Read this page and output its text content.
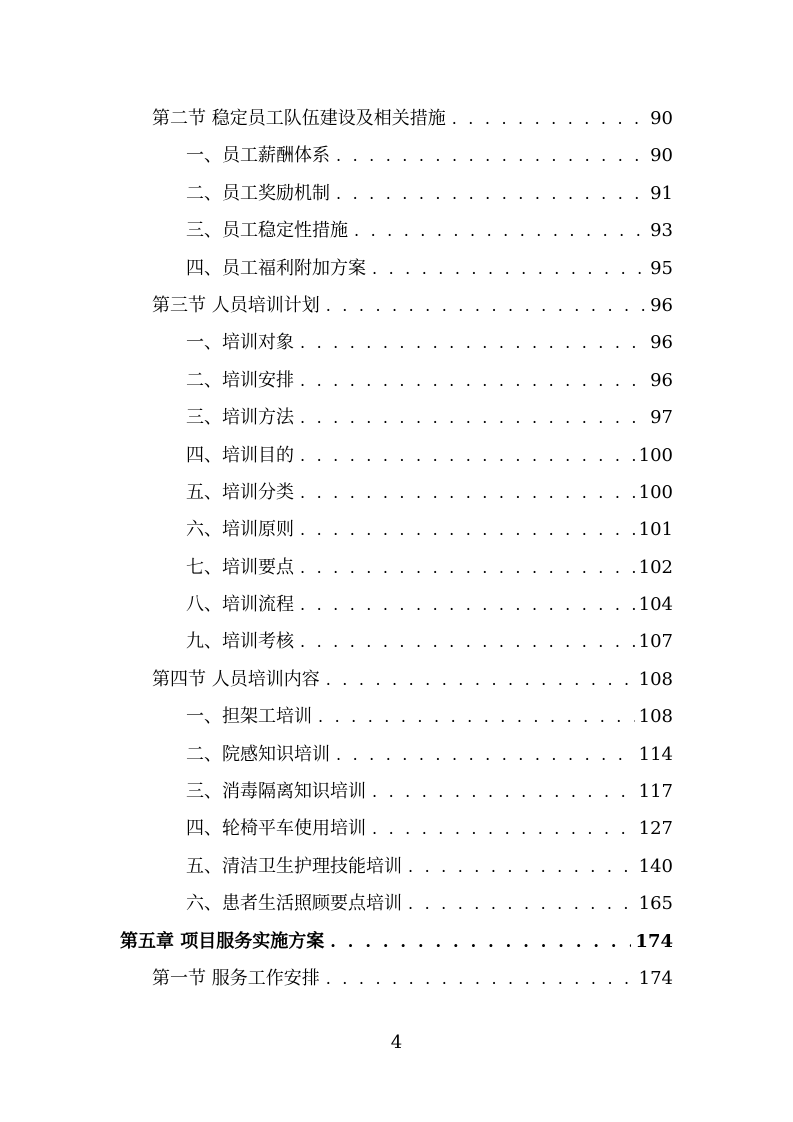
第二节 稳定员工队伍建设及相关措施 . . .	90
一、员工薪酬体系 . . .	90
二、员工奖励机制 . . .	91
三、员工稳定性措施 . . .	93
四、员工福利附加方案 . . .	95
第三节 人员培训计划 . . .	96
一、培训对象 . . .	96
二、培训安排 . . .	96
三、培训方法 . . .	97
四、培训目的 . . .	100
五、培训分类 . . .	100
六、培训原则 . . .	101
七、培训要点 . . .	102
八、培训流程 . . .	104
九、培训考核 . . .	107
第四节 人员培训内容 . . .	108
一、担架工培训 . . .	108
二、院感知识培训 . . .	114
三、消毒隔离知识培训 . . .	117
四、轮椅平车使用培训 . . .	127
五、清洁卫生护理技能培训 . . .	140
六、患者生活照顾要点培训 . . .	165
第五章 项目服务实施方案 . . .	174
第一节 服务工作安排 . . .	174
4
